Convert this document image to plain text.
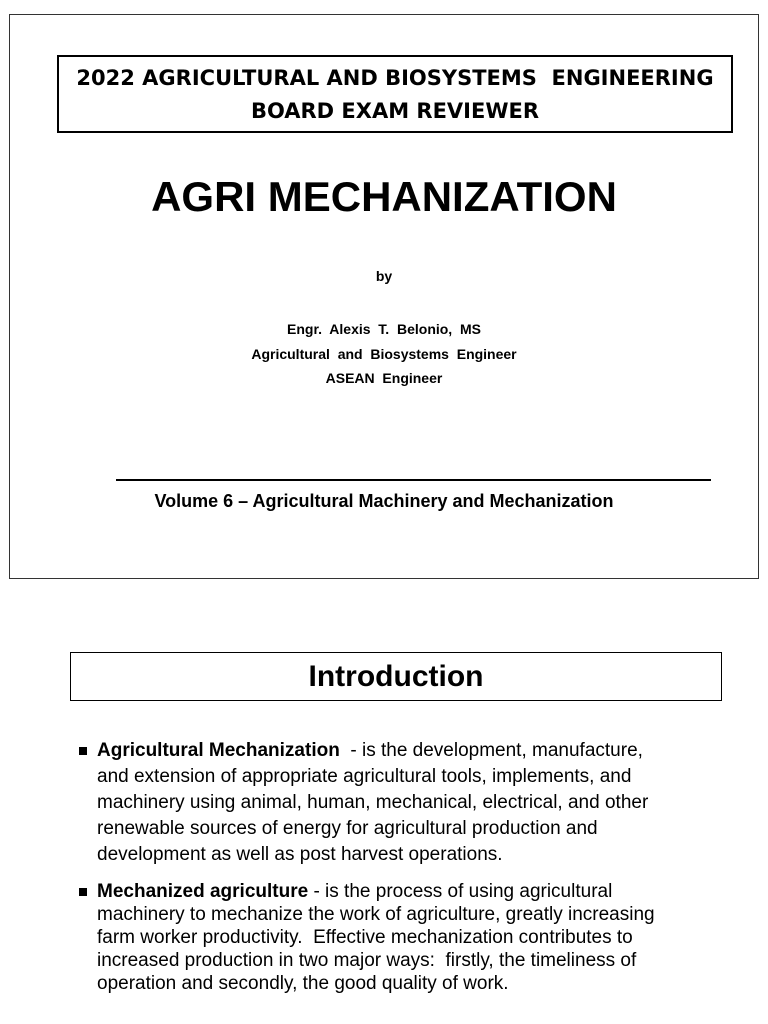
2022 AGRICULTURAL AND BIOSYSTEMS  ENGINEERING
BOARD EXAM REVIEWER
AGRI MECHANIZATION
by
Engr.  Alexis  T.  Belonio,  MS
Agricultural  and  Biosystems  Engineer
ASEAN  Engineer
Volume 6 – Agricultural Machinery and Mechanization
Introduction
Agricultural Mechanization  - is the development, manufacture,
and extension of appropriate agricultural tools, implements, and
machinery using animal, human, mechanical, electrical, and other
renewable sources of energy for agricultural production and
development as well as post harvest operations.
Mechanized agriculture - is the process of using agricultural
machinery to mechanize the work of agriculture, greatly increasing
farm worker productivity.  Effective mechanization contributes to
increased production in two major ways:  firstly, the timeliness of
operation and secondly, the good quality of work.
